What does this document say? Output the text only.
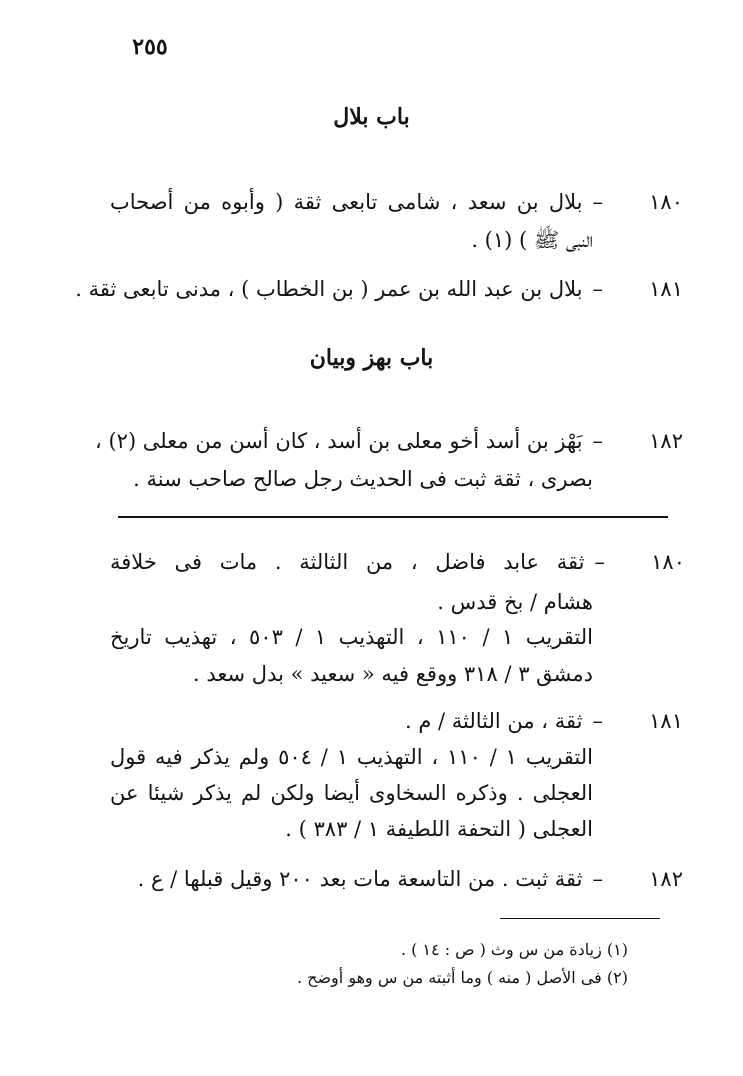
٢٥٥
باب بلال
١٨٠–بلال بن سعد ، شامى تابعى ثقة ( وأبوه من أصحاب
النبى ﷺ ) (١) .
١٨١–بلال بن عبد الله بن عمر ( بن الخطاب ) ، مدنى تابعى ثقة .
باب بهز وبيان
١٨٢–بَهْز بن أسد أخو معلى بن أسد ، كان أسن من معلى (٢) ،
بصرى ، ثقة ثبت فى الحديث رجل صالح صاحب سنة .
١٨٠–ثقة عابد فاضل ، من الثالثة . مات فى خلافة
هشام / بخ قدس .
التقريب ١ / ١١٠ ، التهذيب ١ / ٥٠٣ ، تهذيب تاريخ
دمشق ٣ / ٣١٨ ووقع فيه « سعيد » بدل سعد .
١٨١–ثقة ، من الثالثة / م .
التقريب ١ / ١١٠ ، التهذيب ١ / ٥٠٤ ولم يذكر فيه قول
العجلى . وذكره السخاوى أيضا ولكن لم يذكر شيئا عن
العجلى ( التحفة اللطيفة ١ / ٣٨٣ ) .
١٨٢–ثقة ثبت . من التاسعة مات بعد ٢٠٠ وقيل قبلها / ع .
(١) زيادة من س وث ( ص : ١٤ ) .
(٢) فى الأصل ( منه ) وما أثبته من س وهو أوضح .
